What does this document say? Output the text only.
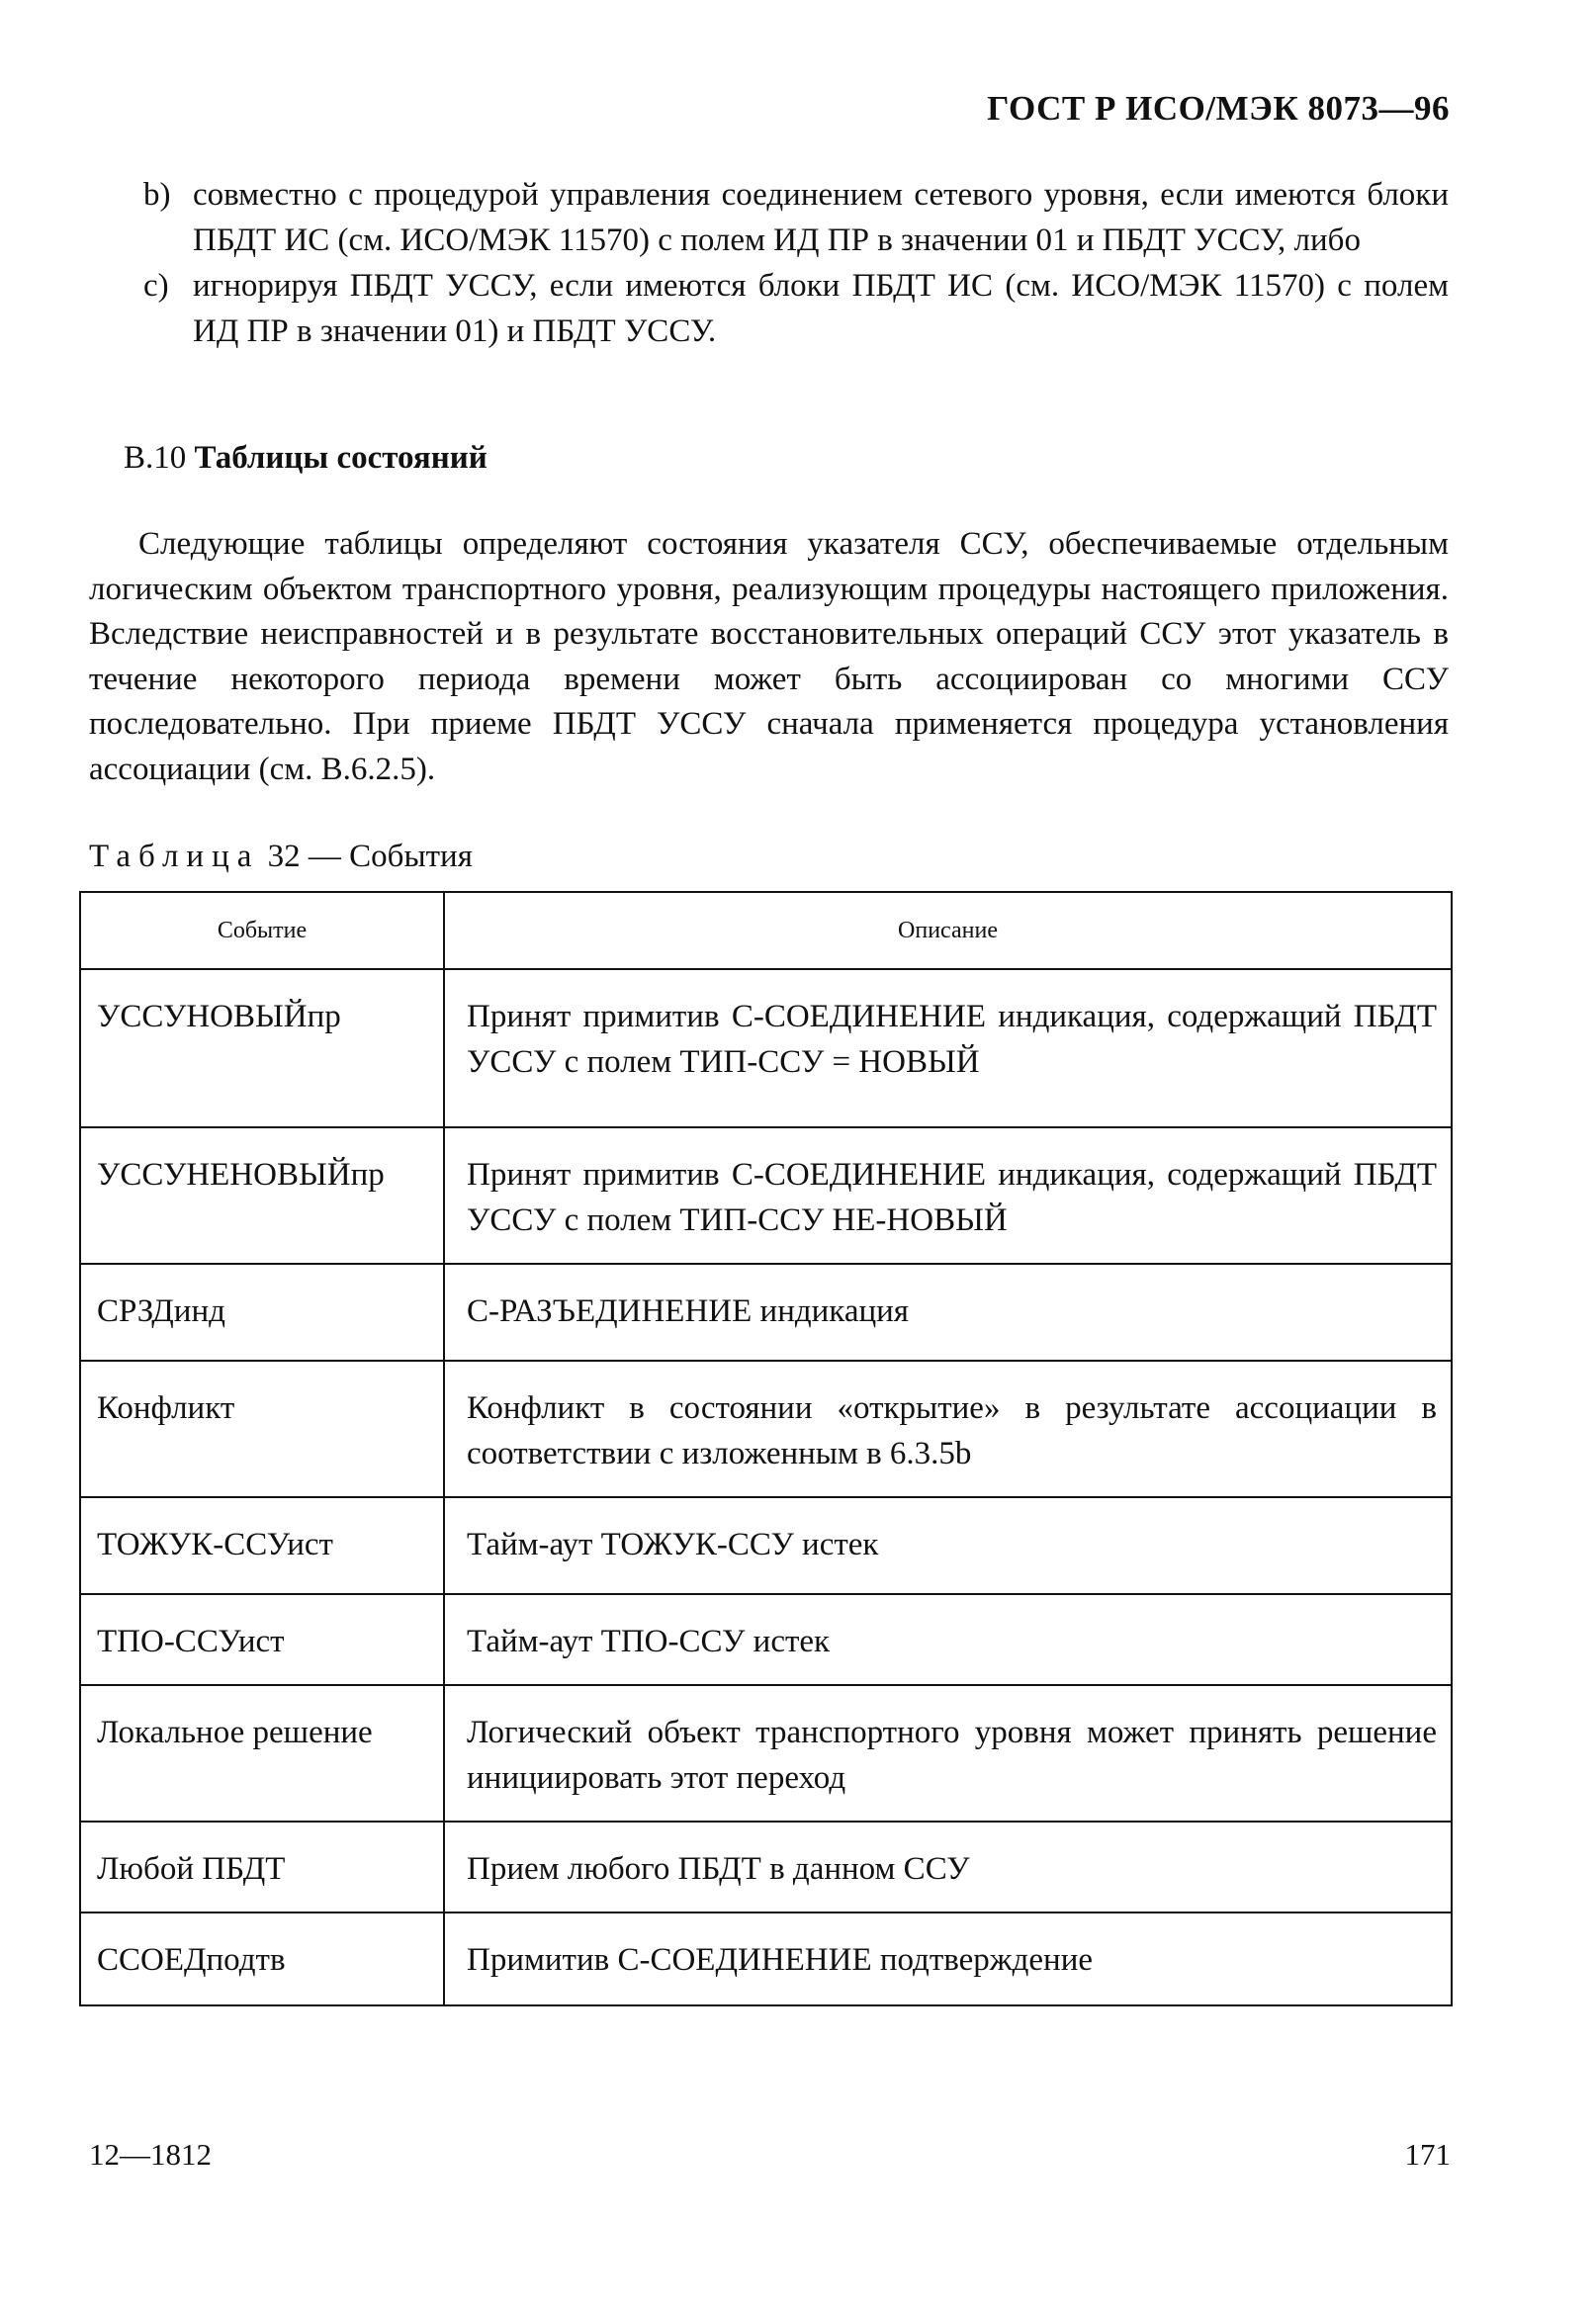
ГОСТ Р ИСО/МЭК 8073—96
b) совместно с процедурой управления соединением сетевого уровня, если имеются блоки ПБДТ ИС (см. ИСО/МЭК 11570) с полем ИД ПР в значении 01 и ПБДТ УССУ, либо
c) игнорируя ПБДТ УССУ, если имеются блоки ПБДТ ИС (см. ИСО/МЭК 11570) с полем ИД ПР в значении 01) и ПБДТ УССУ.
В.10 Таблицы состояний

Следующие таблицы определяют состояния указателя ССУ, обеспечиваемые отдельным логическим объектом транспортного уровня, реализующим процедуры настоящего приложения. Вследствие неисправностей и в результате восстановительных операций ССУ этот указатель в течение некоторого периода времени может быть ассоциирован со многими ССУ последовательно. При приеме ПБДТ УССУ сначала применяется процедура установления ассоциации (см. В.6.2.5).

Таблица 32 — События
Событие	Описание
УССУНОВЫЙпр	Принят примитив С-СОЕДИНЕНИЕ индикация, содержащий ПБДТ УССУ с полем ТИП-ССУ = НОВЫЙ
УССУНЕНОВЫЙпр	Принят примитив С-СОЕДИНЕНИЕ индикация, содержащий ПБДТ УССУ с полем ТИП-ССУ НЕ-НОВЫЙ
СРЗДинд	С-РАЗЪЕДИНЕНИЕ индикация
Конфликт	Конфликт в состоянии «открытие» в результате ассоциации в соответствии с изложенным в 6.3.5b
ТОЖУК-ССУист	Тайм-аут ТОЖУК-ССУ истек
ТПО-ССУист	Тайм-аут ТПО-ССУ истек
Локальное решение	Логический объект транспортного уровня может принять решение инициировать этот переход
Любой ПБДТ	Прием любого ПБДТ в данном ССУ
ССОЕДподтв	Примитив С-СОЕДИНЕНИЕ подтверждение
12—1812	171
